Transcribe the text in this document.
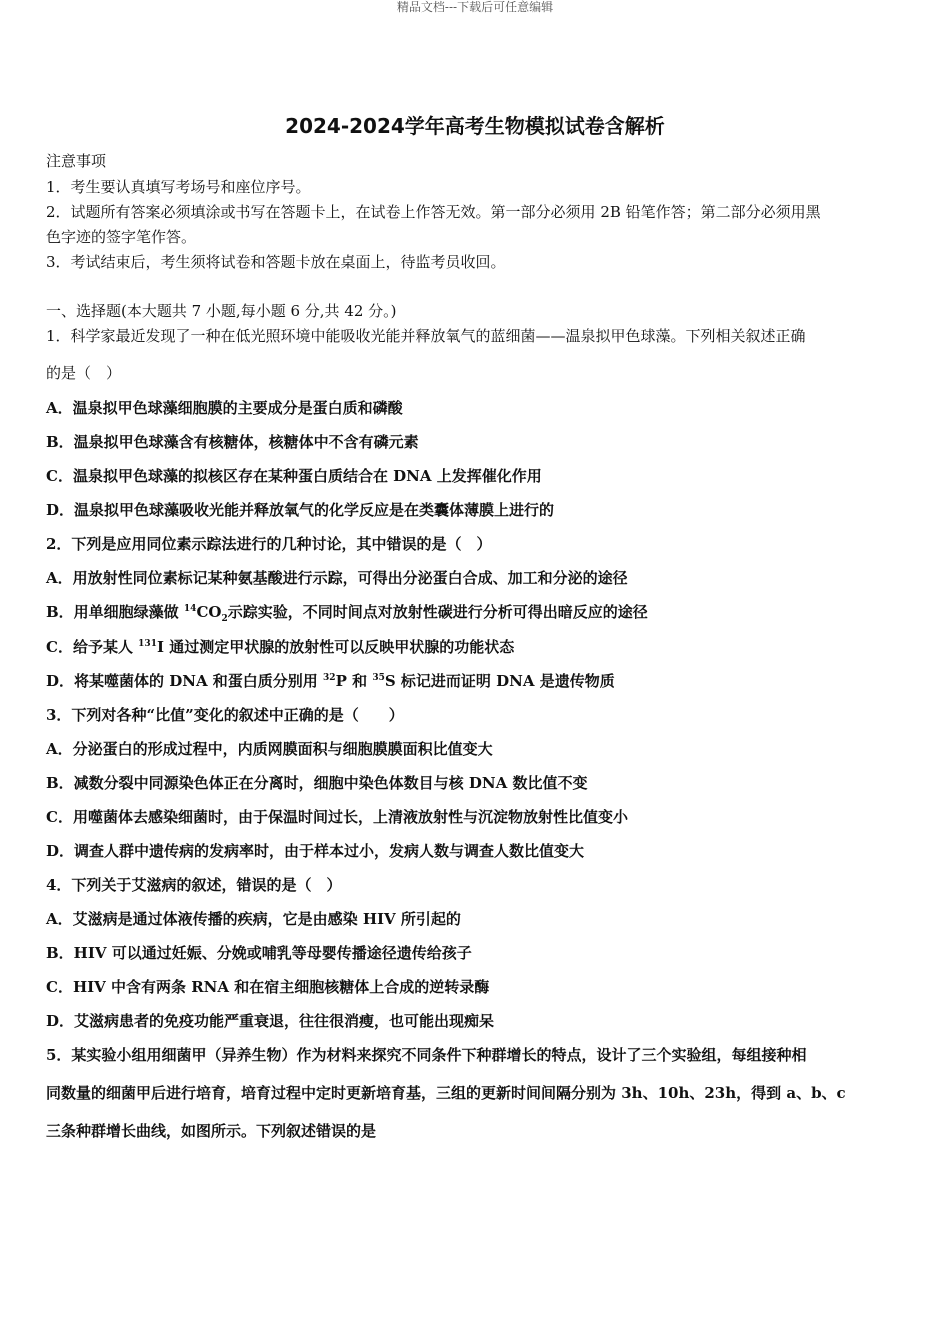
精品文档---下载后可任意编辑
2024-2024学年高考生物模拟试卷含解析
注意事项
1．考生要认真填写考场号和座位序号。
2．试题所有答案必须填涂或书写在答题卡上，在试卷上作答无效。第一部分必须用 2B 铅笔作答；第二部分必须用黑
色字迹的签字笔作答。
3．考试结束后，考生须将试卷和答题卡放在桌面上，待监考员收回。
一、选择题(本大题共 7 小题,每小题 6 分,共 42 分。)
1．科学家最近发现了一种在低光照环境中能吸收光能并释放氧气的蓝细菌——温泉拟甲色球藻。下列相关叙述正确
的是（　）
A．温泉拟甲色球藻细胞膜的主要成分是蛋白质和磷酸
B．温泉拟甲色球藻含有核糖体，核糖体中不含有磷元素
C．温泉拟甲色球藻的拟核区存在某种蛋白质结合在 DNA 上发挥催化作用
D．温泉拟甲色球藻吸收光能并释放氧气的化学反应是在类囊体薄膜上进行的
2．下列是应用同位素示踪法进行的几种讨论，其中错误的是（　）
A．用放射性同位素标记某种氨基酸进行示踪，可得出分泌蛋白合成、加工和分泌的途径
B．用单细胞绿藻做 $^{14}CO_2$示踪实验，不同时间点对放射性碳进行分析可得出暗反应的途径
C．给予某人 $^{131}$I 通过测定甲状腺的放射性可以反映甲状腺的功能状态
D．将某噬菌体的 DNA 和蛋白质分别用 $^{32}$P 和 $^{35}$S 标记进而证明 DNA 是遗传物质
3．下列对各种“比值”变化的叙述中正确的是（　　）
A．分泌蛋白的形成过程中，内质网膜面积与细胞膜膜面积比值变大
B．减数分裂中同源染色体正在分离时，细胞中染色体数目与核 DNA 数比值不变
C．用噬菌体去感染细菌时，由于保温时间过长，上清液放射性与沉淀物放射性比值变小
D．调查人群中遗传病的发病率时，由于样本过小，发病人数与调查人数比值变大
4．下列关于艾滋病的叙述，错误的是（　）
A．艾滋病是通过体液传播的疾病，它是由感染 HIV 所引起的
B．HIV 可以通过妊娠、分娩或哺乳等母婴传播途径遗传给孩子
C．HIV 中含有两条 RNA 和在宿主细胞核糖体上合成的逆转录酶
D．艾滋病患者的免疫功能严重衰退，往往很消瘦，也可能出现痴呆
5．某实验小组用细菌甲（异养生物）作为材料来探究不同条件下种群增长的特点，设计了三个实验组，每组接种相
同数量的细菌甲后进行培育，培育过程中定时更新培育基，三组的更新时间间隔分别为 3h、10h、23h，得到 a、b、c
三条种群增长曲线，如图所示。下列叙述错误的是
